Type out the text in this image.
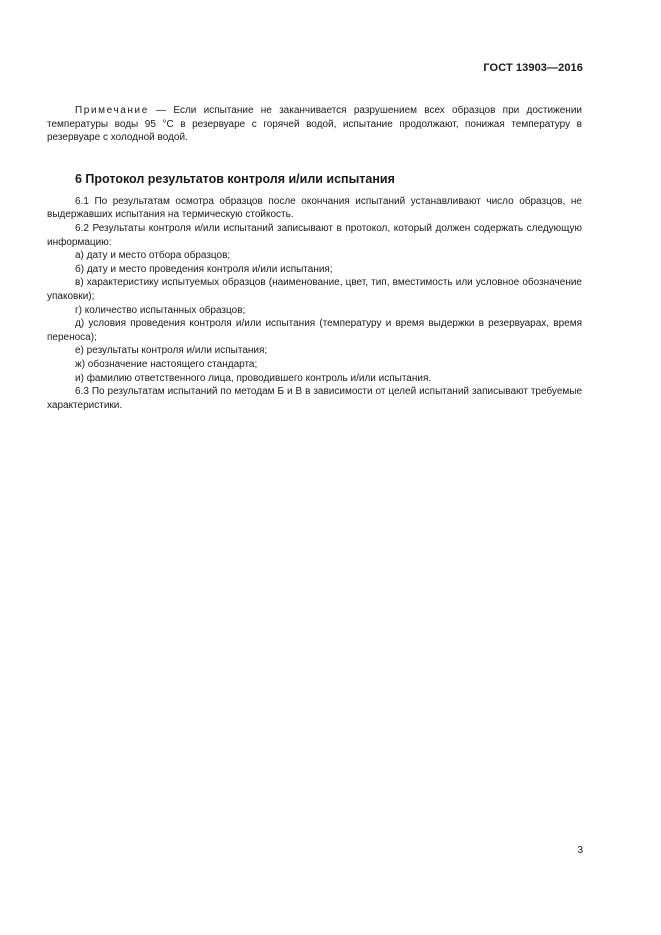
ГОСТ 13903—2016

Примечание — Если испытание не заканчивается разрушением всех образцов при достижении температуры воды 95 °С в резервуаре с горячей водой, испытание продолжают, понижая температуру в резервуаре с холодной водой.

6 Протокол результатов контроля и/или испытания

6.1 По результатам осмотра образцов после окончания испытаний устанавливают число образцов, не выдержавших испытания на термическую стойкость.

6.2 Результаты контроля и/или испытаний записывают в протокол, который должен содержать следующую информацию:

а) дату и место отбора образцов;

б) дату и место проведения контроля и/или испытания;

в) характеристику испытуемых образцов (наименование, цвет, тип, вместимость или условное обозначение упаковки);

г) количество испытанных образцов;

д) условия проведения контроля и/или испытания (температуру и время выдержки в резервуарах, время переноса);

е) результаты контроля и/или испытания;

ж) обозначение настоящего стандарта;

и) фамилию ответственного лица, проводившего контроль и/или испытания.

6.3 По результатам испытаний по методам Б и В в зависимости от целей испытаний записывают требуемые характеристики.

3
